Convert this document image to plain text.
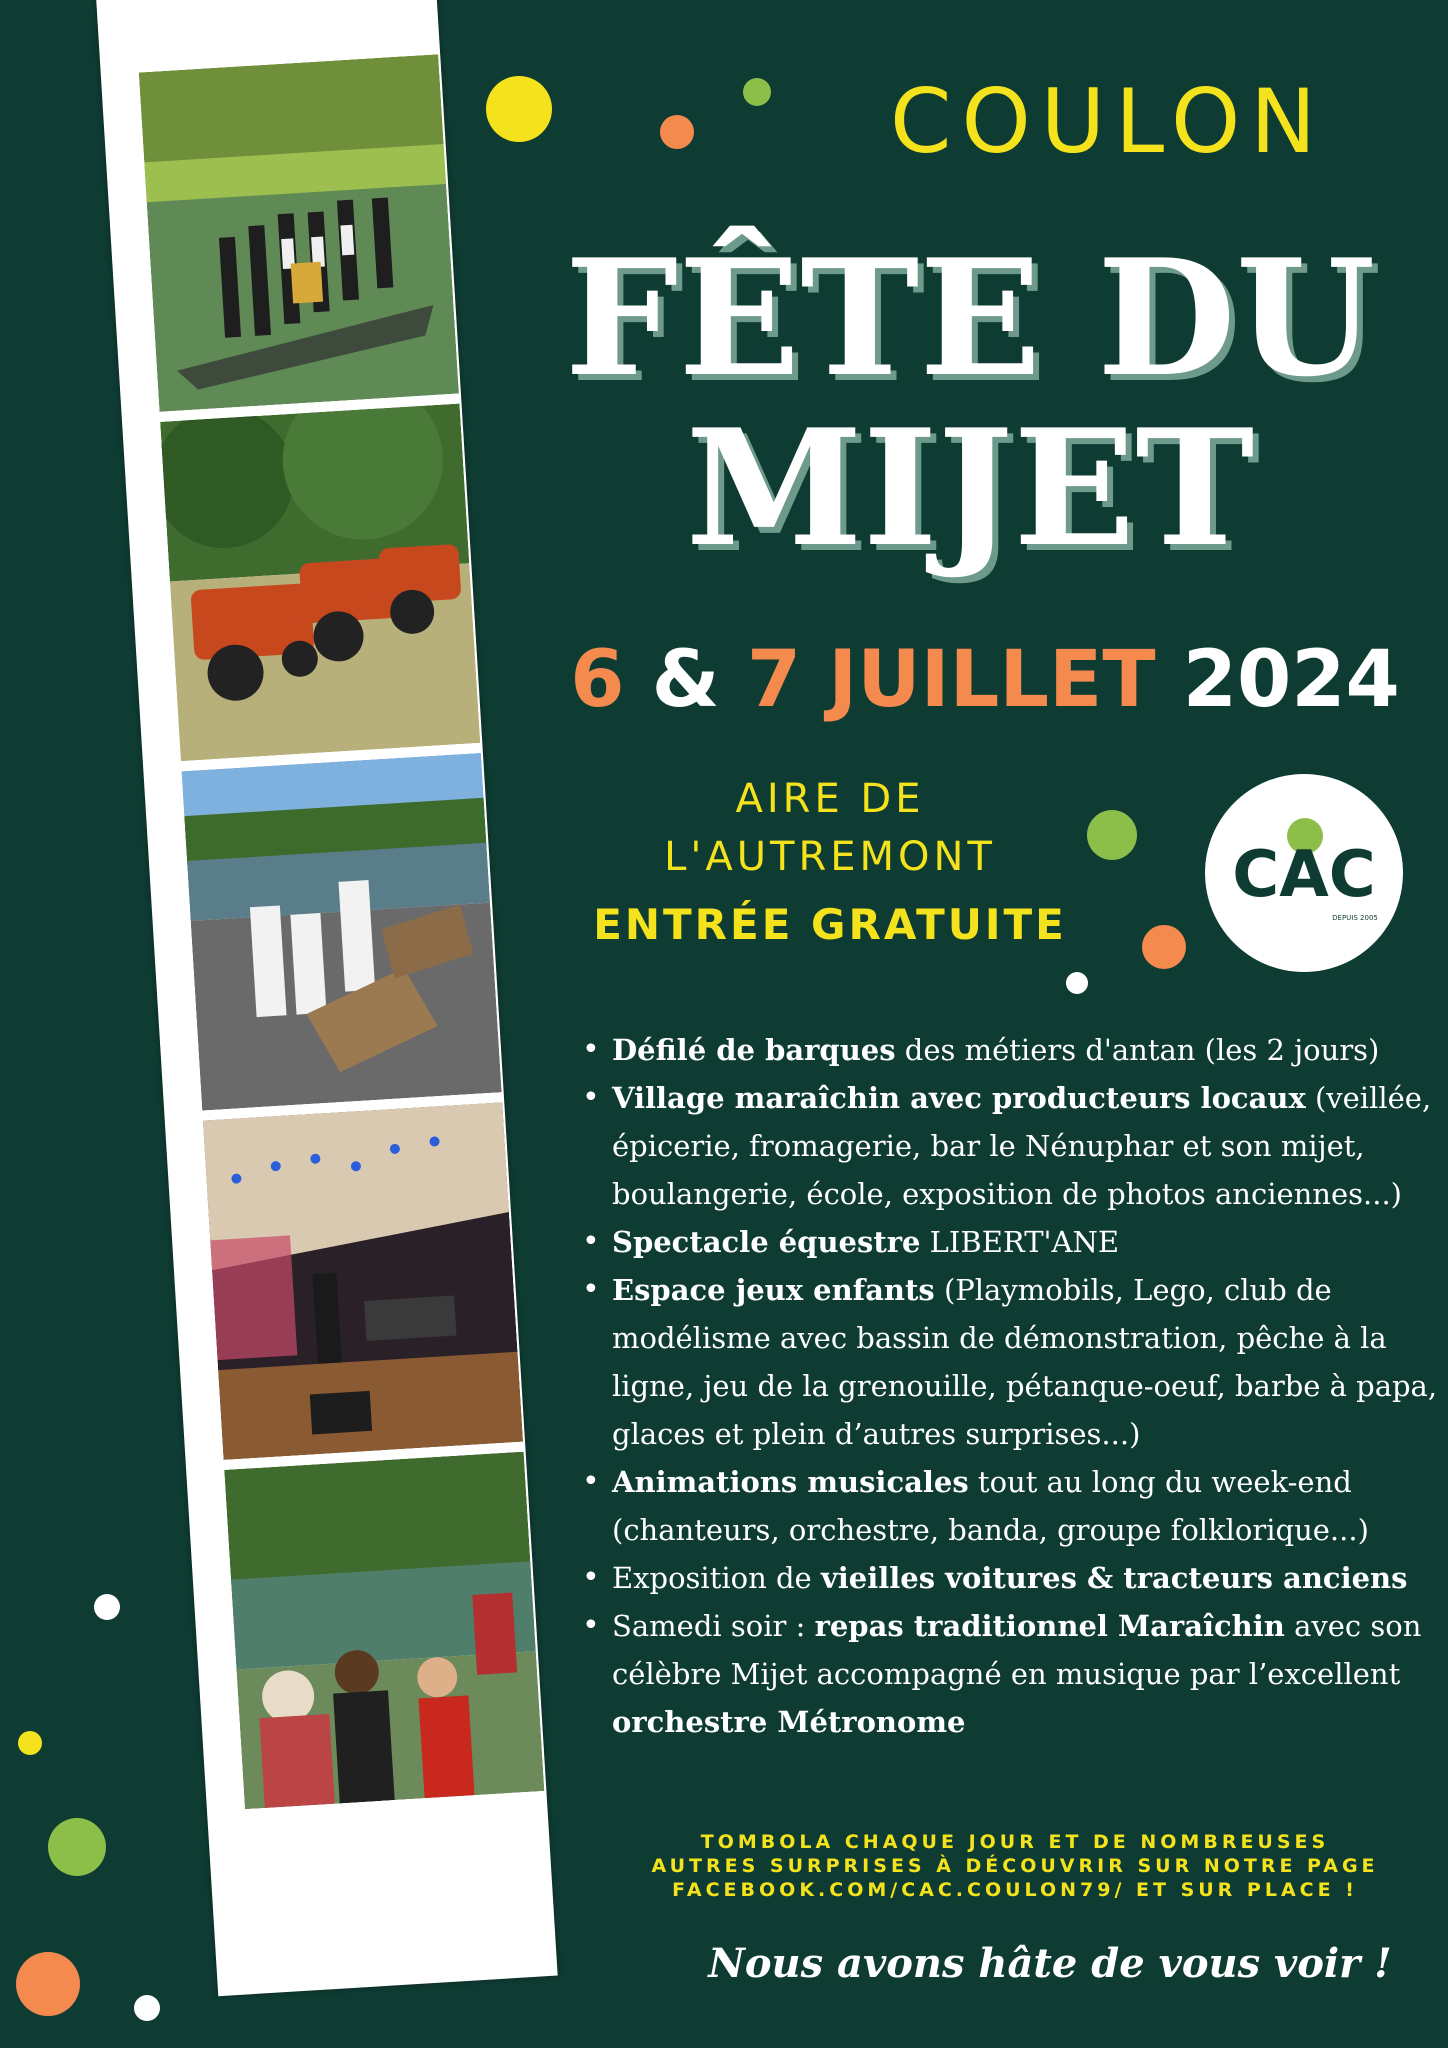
COULON
FÊTE DU
MIJET
6 & 7 JUILLET 2024
AIRE DE
L'AUTREMONT
ENTRÉE GRATUITE
CAC
DEPUIS 2005
• Défilé de barques des métiers d'antan (les 2 jours)
• Village maraîchin avec producteurs locaux (veillée, épicerie, fromagerie, bar le Nénuphar et son mijet, boulangerie, école, exposition de photos anciennes...)
• Spectacle équestre LIBERT'ANE
• Espace jeux enfants (Playmobils, Lego, club de modélisme avec bassin de démonstration, pêche à la ligne, jeu de la grenouille, pétanque-oeuf, barbe à papa, glaces et plein d’autres surprises...)
• Animations musicales tout au long du week-end (chanteurs, orchestre, banda, groupe folklorique...)
• Exposition de vieilles voitures & tracteurs anciens
• Samedi soir : repas traditionnel Maraîchin avec son célèbre Mijet accompagné en musique par l’excellent orchestre Métronome
TOMBOLA CHAQUE JOUR ET DE NOMBREUSES
AUTRES SURPRISES À DÉCOUVRIR SUR NOTRE PAGE
FACEBOOK.COM/CAC.COULON79/ ET SUR PLACE !
Nous avons hâte de vous voir !
